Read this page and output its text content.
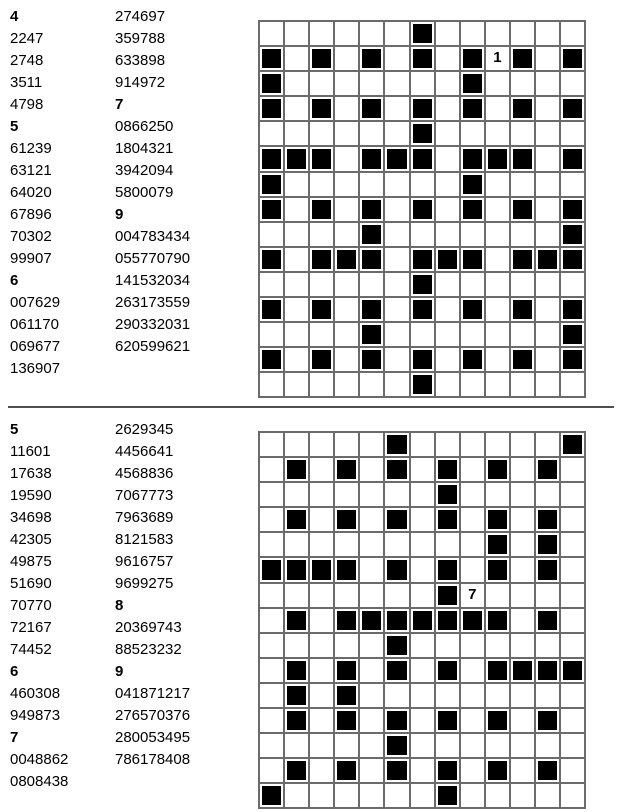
4
2247
2748
3511
4798
5
61239
63121
64020
67896
70302
99907
6
007629
061170
069677
136907
274697
359788
633898
914972
7
0866250
1804321
3942094
5800079
9
004783434
055770790
141532034
263173559
290332031
620599621
1
5
11601
17638
19590
34698
42305
49875
51690
70770
72167
74452
6
460308
949873
7
0048862
0808438
2629345
4456641
4568836
7067773
7963689
8121583
9616757
9699275
8
20369743
88523232
9
041871217
276570376
280053495
786178408
7
